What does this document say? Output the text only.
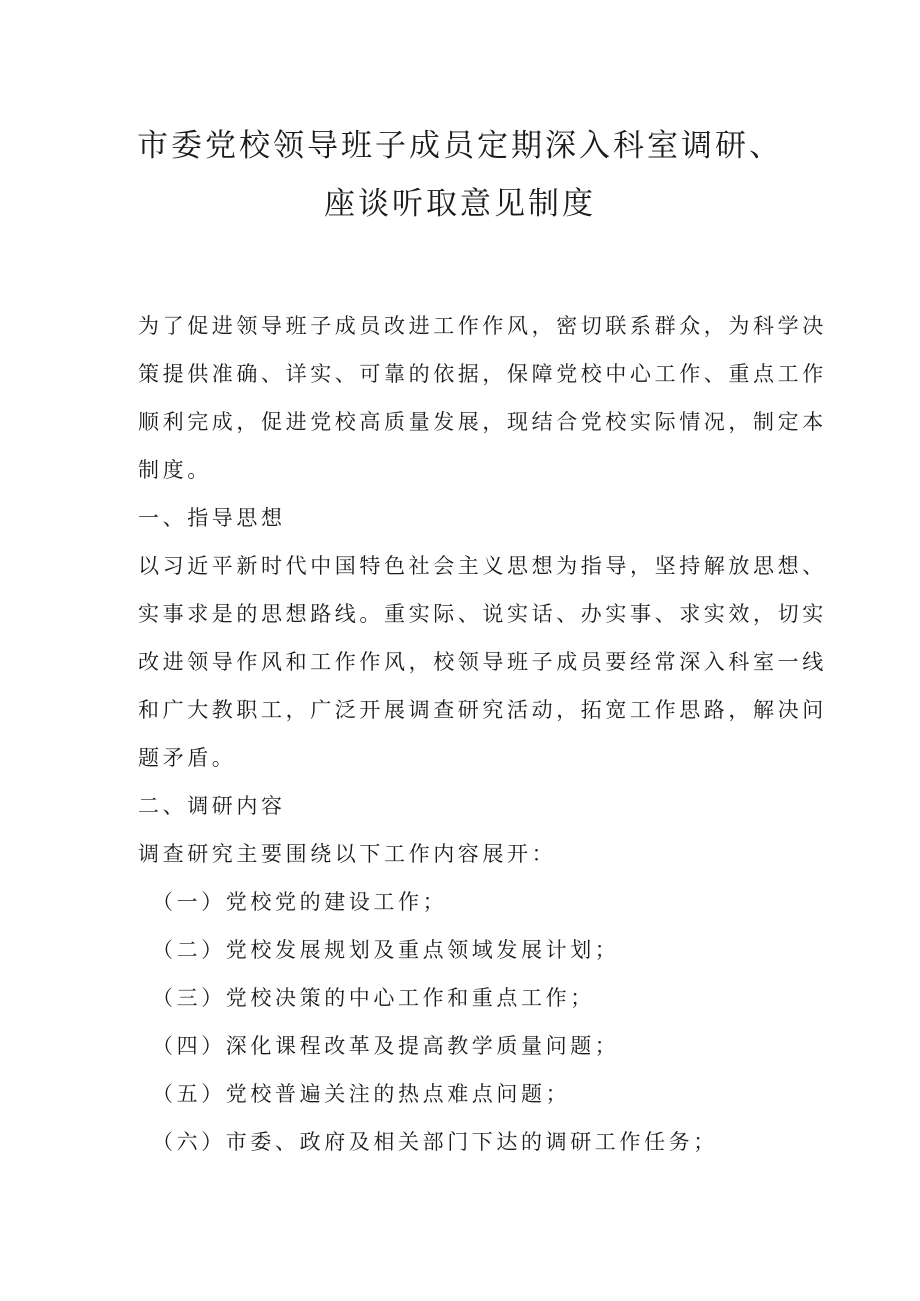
市委党校领导班子成员定期深入科室调研、
座谈听取意见制度
为了促进领导班子成员改进工作作风，密切联系群众，为科学决
策提供准确、详实、可靠的依据，保障党校中心工作、重点工作
顺利完成，促进党校高质量发展，现结合党校实际情况，制定本
制度。
一、指导思想
以习近平新时代中国特色社会主义思想为指导，坚持解放思想、
实事求是的思想路线。重实际、说实话、办实事、求实效，切实
改进领导作风和工作作风，校领导班子成员要经常深入科室一线
和广大教职工，广泛开展调查研究活动，拓宽工作思路，解决问
题矛盾。
二、调研内容
调查研究主要围绕以下工作内容展开：
（一）党校党的建设工作；
（二）党校发展规划及重点领域发展计划；
（三）党校决策的中心工作和重点工作；
（四）深化课程改革及提高教学质量问题；
（五）党校普遍关注的热点难点问题；
（六）市委、政府及相关部门下达的调研工作任务；
